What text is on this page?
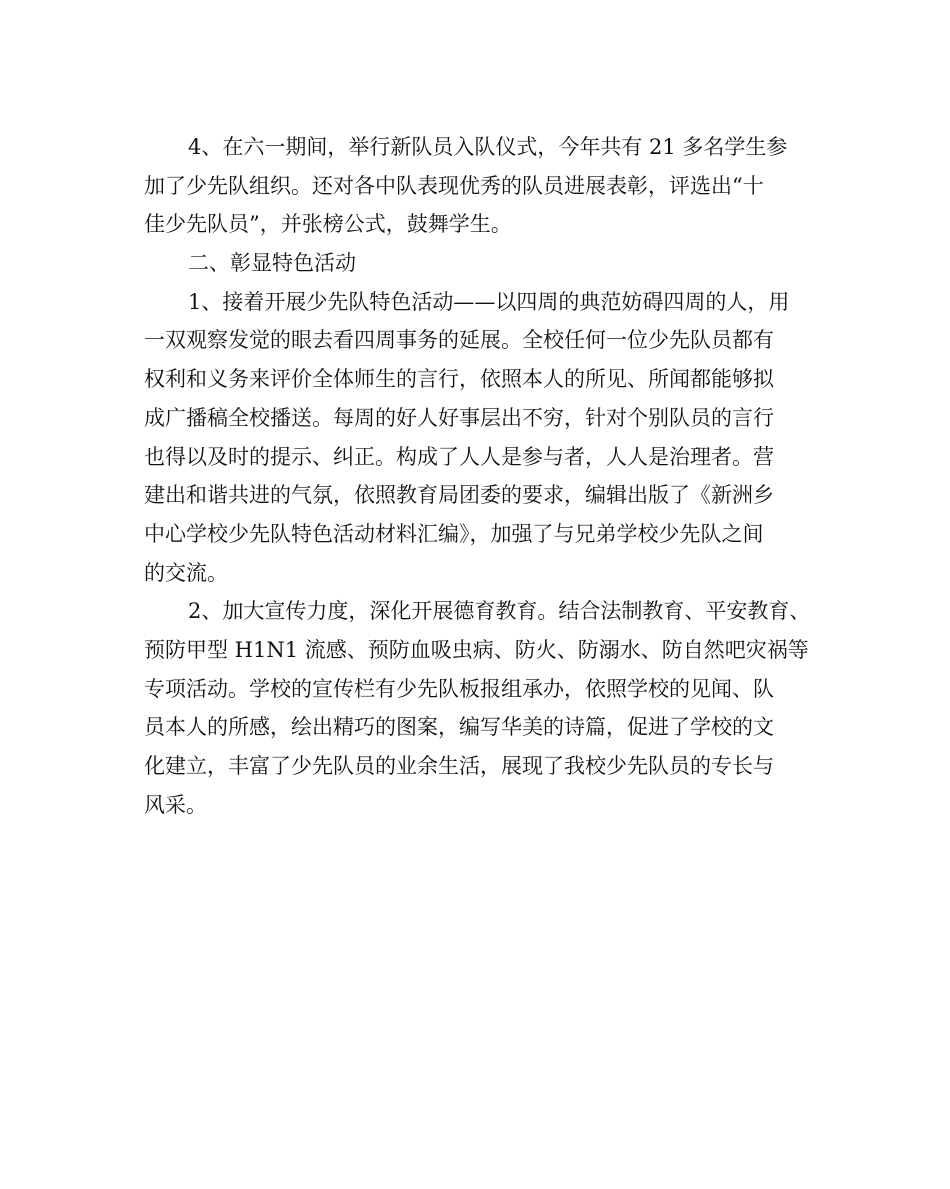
4、在六一期间，举行新队员入队仪式，今年共有 21 多名学生参
加了少先队组织。还对各中队表现优秀的队员进展表彰，评选出“十
佳少先队员”，并张榜公式，鼓舞学生。
二、彰显特色活动
1、接着开展少先队特色活动——以四周的典范妨碍四周的人，用
一双观察发觉的眼去看四周事务的延展。全校任何一位少先队员都有
权利和义务来评价全体师生的言行，依照本人的所见、所闻都能够拟
成广播稿全校播送。每周的好人好事层出不穷，针对个别队员的言行
也得以及时的提示、纠正。构成了人人是参与者，人人是治理者。营
建出和谐共进的气氛，依照教育局团委的要求，编辑出版了《新洲乡
中心学校少先队特色活动材料汇编》，加强了与兄弟学校少先队之间
的交流。
2、加大宣传力度，深化开展德育教育。结合法制教育、平安教育、
预防甲型 H1N1 流感、预防血吸虫病、防火、防溺水、防自然吧灾祸等
专项活动。学校的宣传栏有少先队板报组承办，依照学校的见闻、队
员本人的所感，绘出精巧的图案，编写华美的诗篇，促进了学校的文
化建立，丰富了少先队员的业余生活，展现了我校少先队员的专长与
风采。
